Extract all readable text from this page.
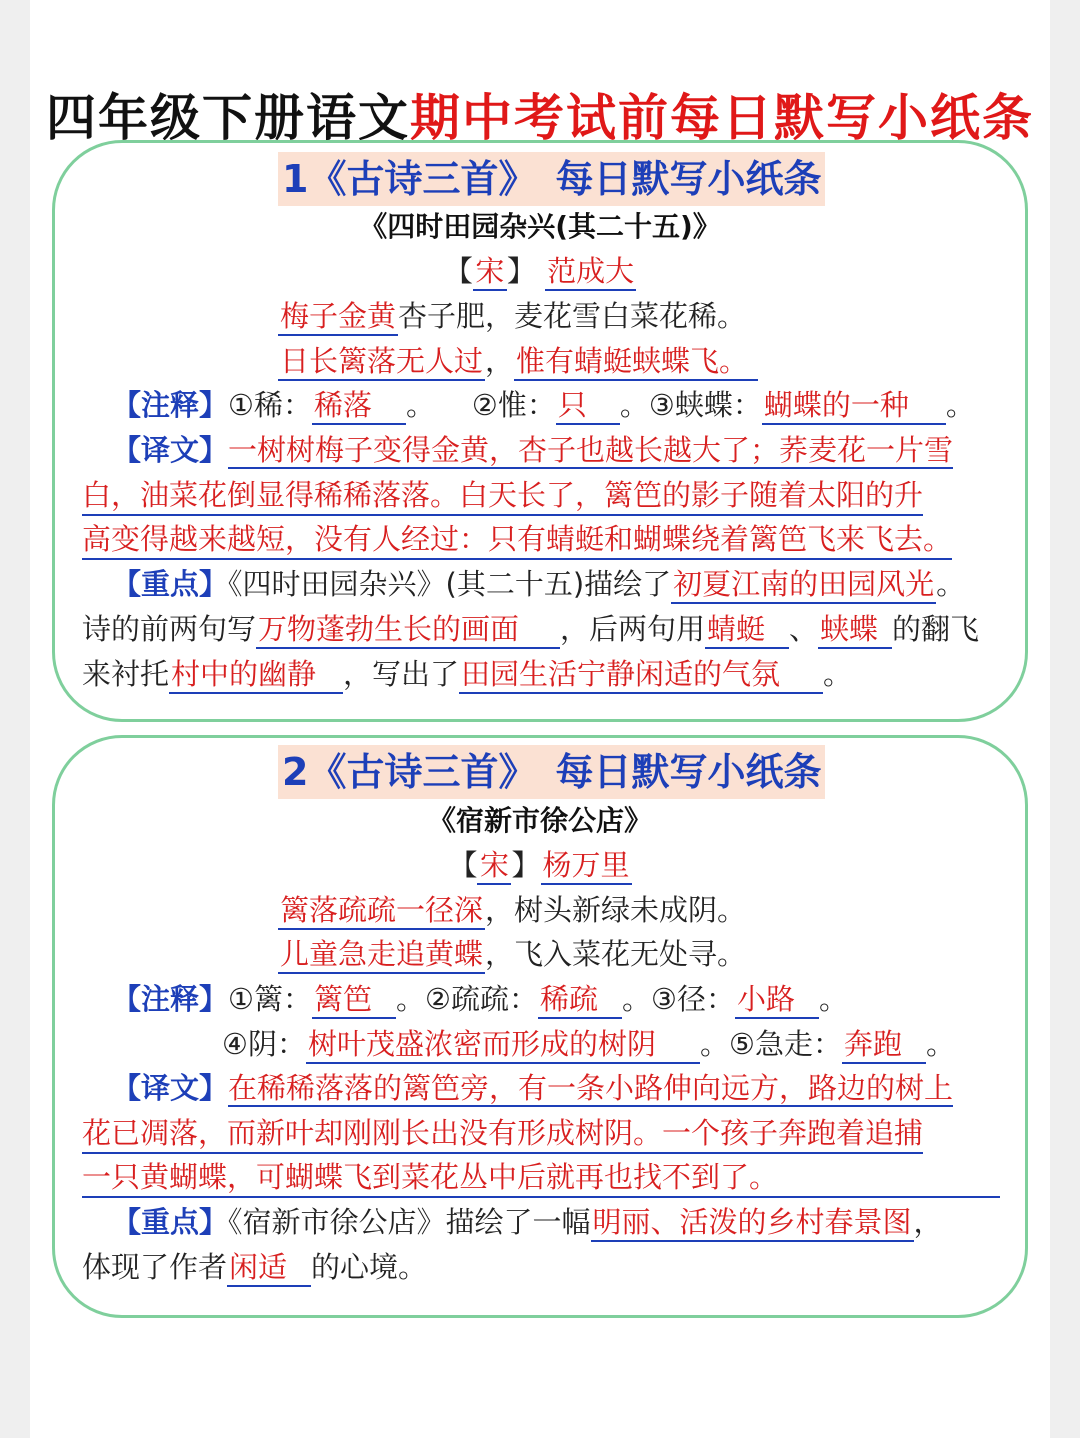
四年级下册语文期中考试前每日默写小纸条
1《古诗三首》　每日默写小纸条
《四时田园杂兴(其二十五)》
【宋】 范成大
梅子金黄杏子肥，麦花雪白菜花稀。
日长篱落无人过，惟有蜻蜓蛱蝶飞。
【注释】①稀：稀落 。 ②惟：只 。③蛱蝶：蝴蝶的一种 。
【译文】一树树梅子变得金黄，杏子也越长越大了；荞麦花一片雪
白，油菜花倒显得稀稀落落。白天长了，篱笆的影子随着太阳的升
高变得越来越短，没有人经过：只有蜻蜓和蝴蝶绕着篱笆飞来飞去。
【重点】《四时田园杂兴》(其二十五)描绘了初夏江南的田园风光。
诗的前两句写万物蓬勃生长的画面 ，后两句用蜻蜓 、蛱蝶 的翻飞
来衬托村中的幽静 ，写出了田园生活宁静闲适的气氛 。
2《古诗三首》　每日默写小纸条
《宿新市徐公店》
【宋】杨万里
篱落疏疏一径深，树头新绿未成阴。
儿童急走追黄蝶，飞入菜花无处寻。
【注释】①篱：篱笆 。②疏疏：稀疏 。③径：小路 。
④阴：树叶茂盛浓密而形成的树阴 。⑤急走：奔跑 。
【译文】在稀稀落落的篱笆旁，有一条小路伸向远方，路边的树上
花已凋落，而新叶却刚刚长出没有形成树阴。一个孩子奔跑着追捕
一只黄蝴蝶，可蝴蝶飞到菜花丛中后就再也找不到了。
【重点】《宿新市徐公店》描绘了一幅明丽、活泼的乡村春景图，
体现了作者闲适 的心境。
